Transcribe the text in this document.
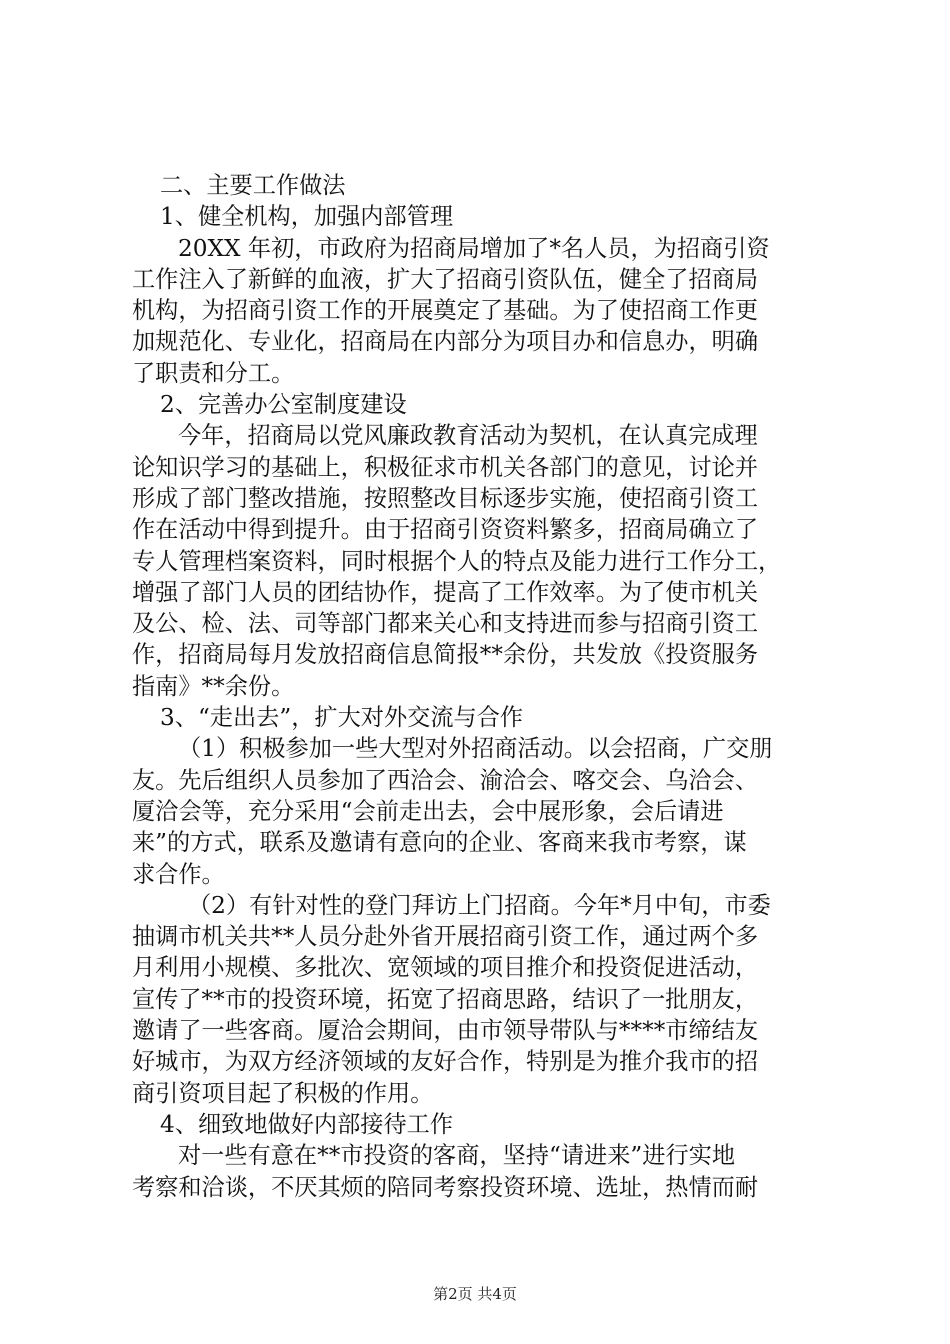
二、主要工作做法
1、健全机构，加强内部管理
20XX 年初，市政府为招商局增加了*名人员，为招商引资
工作注入了新鲜的血液，扩大了招商引资队伍，健全了招商局
机构，为招商引资工作的开展奠定了基础。为了使招商工作更
加规范化、专业化，招商局在内部分为项目办和信息办，明确
了职责和分工。
2、完善办公室制度建设
今年，招商局以党风廉政教育活动为契机，在认真完成理
论知识学习的基础上，积极征求市机关各部门的意见，讨论并
形成了部门整改措施，按照整改目标逐步实施，使招商引资工
作在活动中得到提升。由于招商引资资料繁多，招商局确立了
专人管理档案资料，同时根据个人的特点及能力进行工作分工，
增强了部门人员的团结协作，提高了工作效率。为了使市机关
及公、检、法、司等部门都来关心和支持进而参与招商引资工
作，招商局每月发放招商信息简报**余份，共发放《投资服务
指南》**余份。
3、“走出去”，扩大对外交流与合作
（1）积极参加一些大型对外招商活动。以会招商，广交朋
友。先后组织人员参加了西洽会、渝洽会、喀交会、乌洽会、
厦洽会等，充分采用“会前走出去，会中展形象，会后请进
来”的方式，联系及邀请有意向的企业、客商来我市考察，谋
求合作。
（2）有针对性的登门拜访上门招商。今年*月中旬，市委
抽调市机关共**人员分赴外省开展招商引资工作，通过两个多
月利用小规模、多批次、宽领域的项目推介和投资促进活动，
宣传了**市的投资环境，拓宽了招商思路，结识了一批朋友，
邀请了一些客商。厦洽会期间，由市领导带队与****市缔结友
好城市，为双方经济领域的友好合作，特别是为推介我市的招
商引资项目起了积极的作用。
4、细致地做好内部接待工作
对一些有意在**市投资的客商，坚持“请进来”进行实地
考察和洽谈，不厌其烦的陪同考察投资环境、选址，热情而耐
第2页 共4页
